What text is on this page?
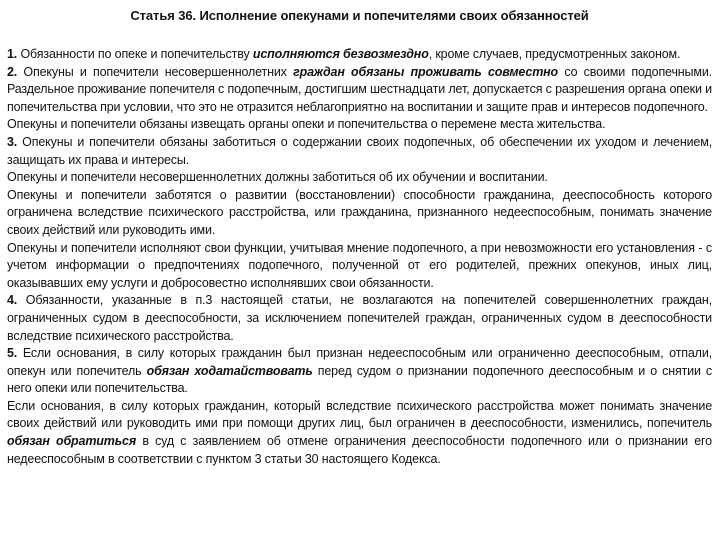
Статья 36. Исполнение опекунами и попечителями своих обязанностей

1. Обязанности по опеке и попечительству исполняются безвозмездно, кроме случаев, предусмотренных законом.

2. Опекуны и попечители несовершеннолетних граждан обязаны проживать совместно со своими подопечными. Раздельное проживание попечителя с подопечным, достигшим шестнадцати лет, допускается с разрешения органа опеки и попечительства при условии, что это не отразится неблагоприятно на воспитании и защите прав и интересов подопечного.

Опекуны и попечители обязаны извещать органы опеки и попечительства о перемене места жительства.

3. Опекуны и попечители обязаны заботиться о содержании своих подопечных, об обеспечении их уходом и лечением, защищать их права и интересы.

Опекуны и попечители несовершеннолетних должны заботиться об их обучении и воспитании.

Опекуны и попечители заботятся о развитии (восстановлении) способности гражданина, дееспособность которого ограничена вследствие психического расстройства, или гражданина, признанного недееспособным, понимать значение своих действий или руководить ими.

Опекуны и попечители исполняют свои функции, учитывая мнение подопечного, а при невозможности его установления - с учетом информации о предпочтениях подопечного, полученной от его родителей, прежних опекунов, иных лиц, оказывавших ему услуги и добросовестно исполнявших свои обязанности.

4. Обязанности, указанные в п.3 настоящей статьи, не возлагаются на попечителей совершеннолетних граждан, ограниченных судом в дееспособности, за исключением попечителей граждан, ограниченных судом в дееспособности вследствие психического расстройства.

5. Если основания, в силу которых гражданин был признан недееспособным или ограниченно дееспособным, отпали, опекун или попечитель обязан ходатайствовать перед судом о признании подопечного дееспособным и о снятии с него опеки или попечительства.

Если основания, в силу которых гражданин, который вследствие психического расстройства может понимать значение своих действий или руководить ими при помощи других лиц, был ограничен в дееспособности, изменились, попечитель обязан обратиться в суд с заявлением об отмене ограничения дееспособности подопечного или о признании его недееспособным в соответствии с пунктом 3 статьи 30 настоящего Кодекса.
